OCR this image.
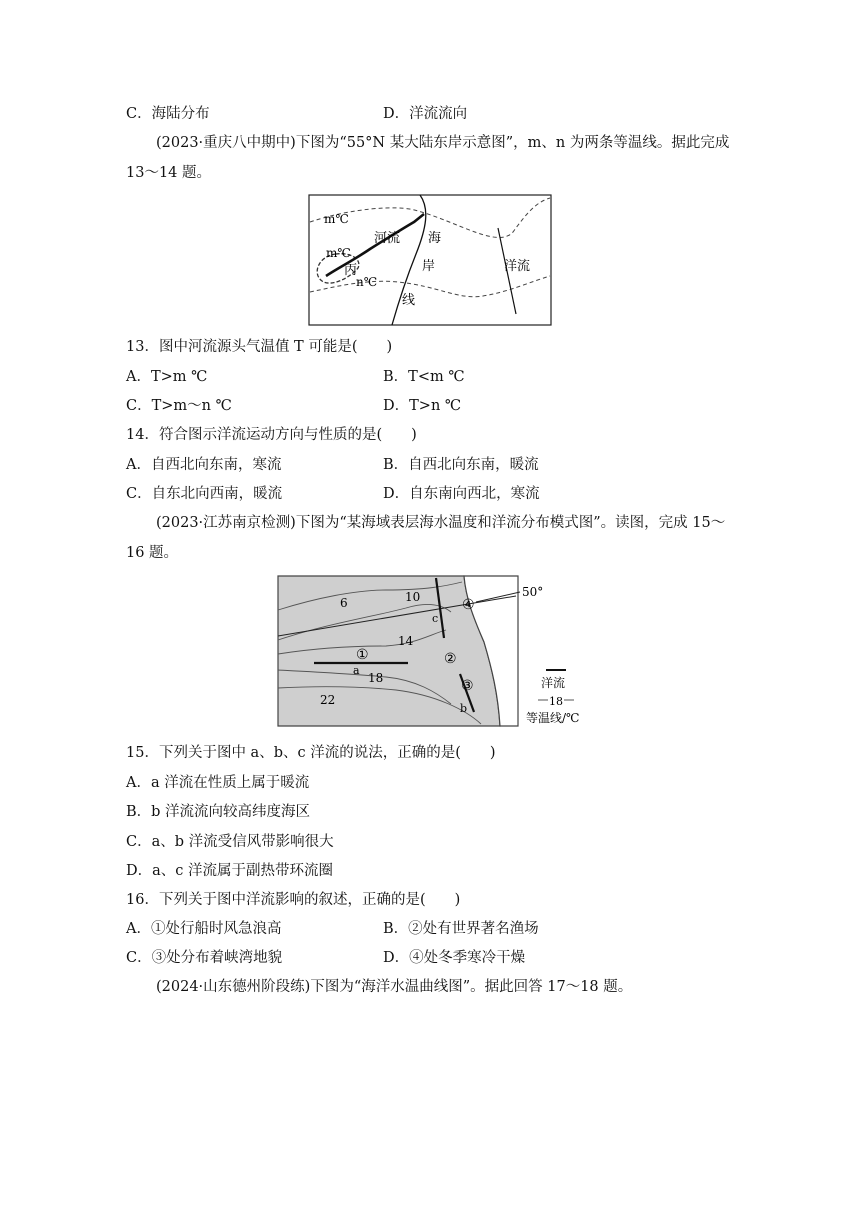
C．海陆分布	D．洋流流向
(2023·重庆八中期中)下图为“55°N 某大陆东岸示意图”，m、n 为两条等温线。据此完成
13～14 题。
m℃
m℃
n℃
河流
丙
海
岸
线
洋流
13．图中河流源头气温值 T 可能是(　　)
A．T>m ℃	B．T<m ℃
C．T>m～n ℃	D．T>n ℃
14．符合图示洋流运动方向与性质的是(　　)
A．自西北向东南，寒流	B．自西北向东南，暖流
C．自东北向西南，暖流	D．自东南向西北，寒流
(2023·江苏南京检测)下图为“某海域表层海水温度和洋流分布模式图”。读图，完成 15～
16 题。
6	10
14
18
22
①	②
③
④
a
b
c
50°
洋流
18
等温线/℃
15．下列关于图中 a、b、c 洋流的说法，正确的是(　　)
A．a 洋流在性质上属于暖流
B．b 洋流流向较高纬度海区
C．a、b 洋流受信风带影响很大
D．a、c 洋流属于副热带环流圈
16．下列关于图中洋流影响的叙述，正确的是(　　)
A．①处行船时风急浪高	B．②处有世界著名渔场
C．③处分布着峡湾地貌	D．④处冬季寒冷干燥
(2024·山东德州阶段练)下图为“海洋水温曲线图”。据此回答 17～18 题。
